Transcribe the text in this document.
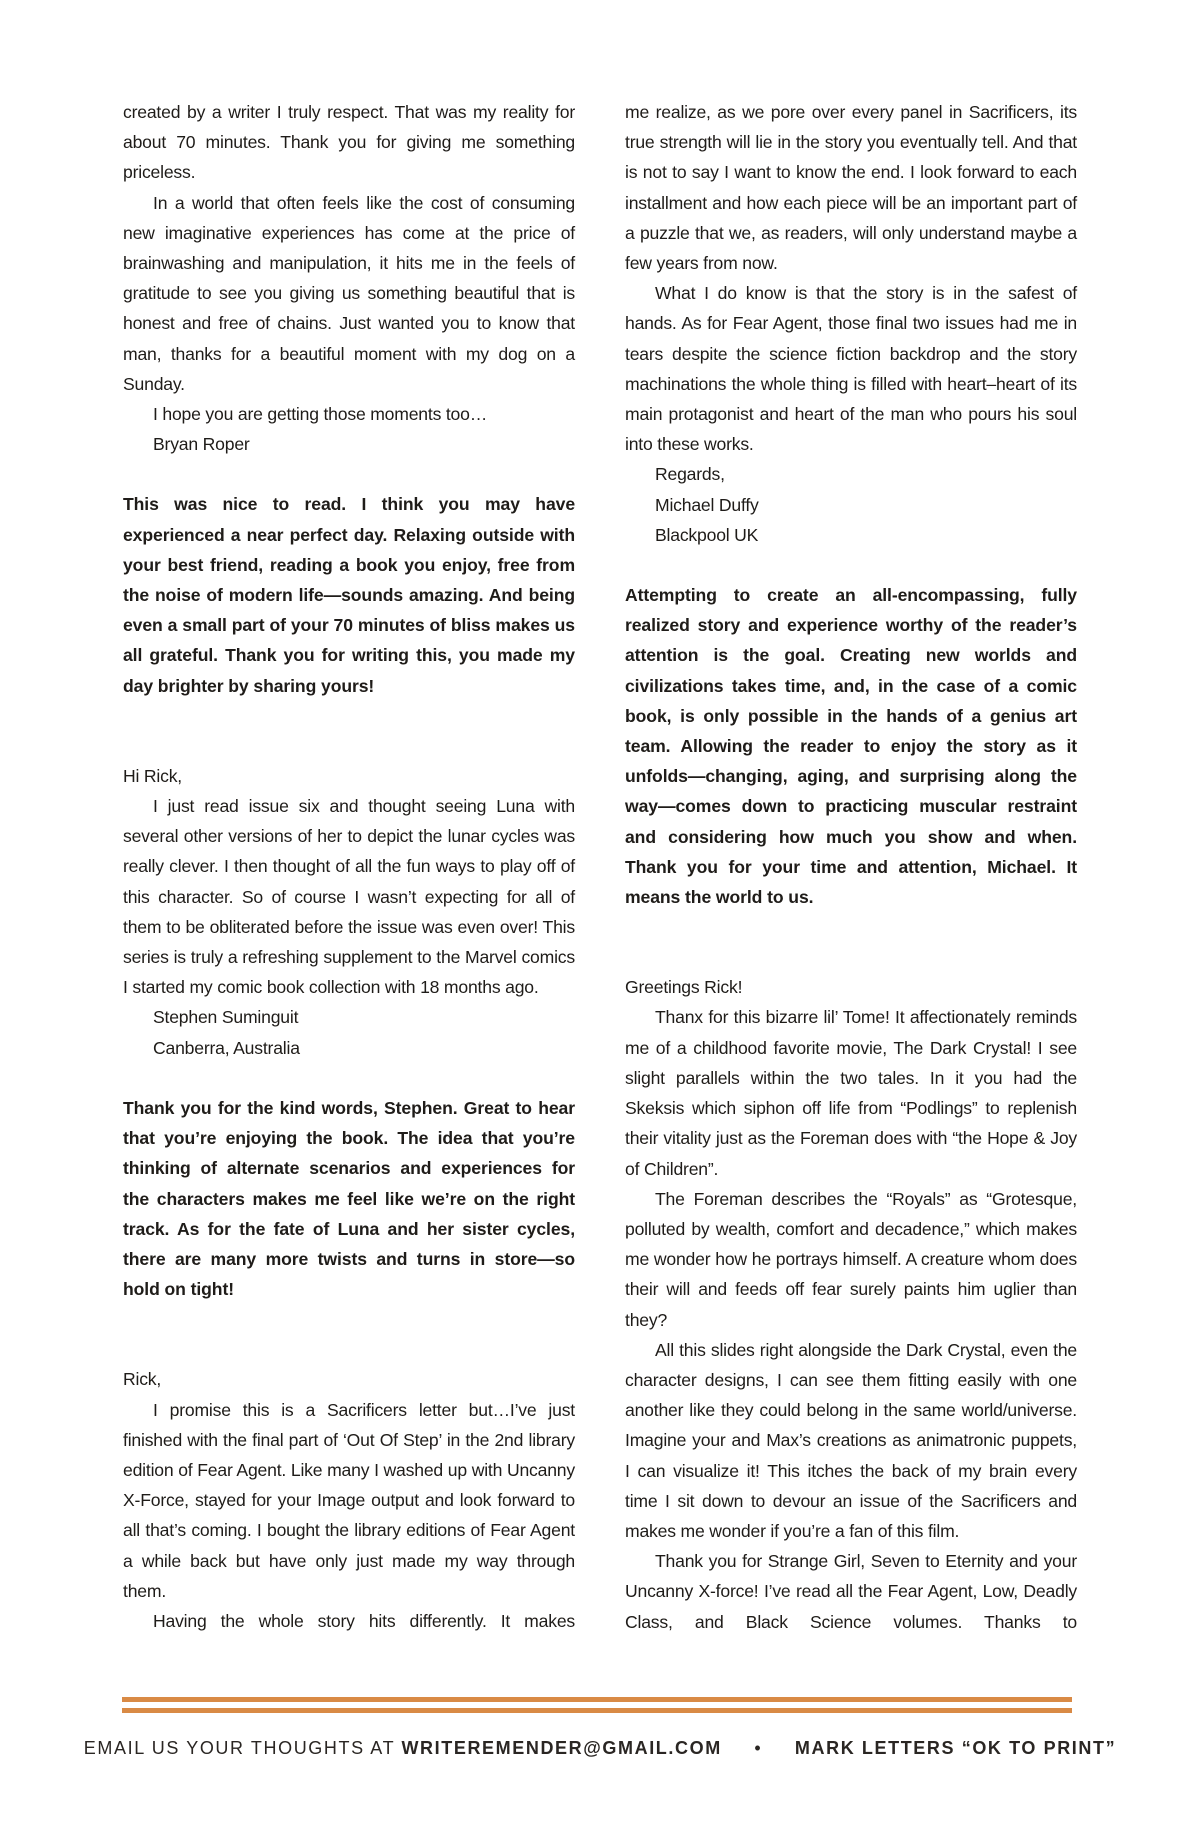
created by a writer I truly respect. That was my reality for about 70 minutes. Thank you for giving me something priceless.

In a world that often feels like the cost of consuming new imaginative experiences has come at the price of brainwashing and manipulation, it hits me in the feels of gratitude to see you giving us something beautiful that is honest and free of chains. Just wanted you to know that man, thanks for a beautiful moment with my dog on a Sunday.

I hope you are getting those moments too…

Bryan Roper

This was nice to read. I think you may have experienced a near perfect day. Relaxing outside with your best friend, reading a book you enjoy, free from the noise of modern life—sounds amazing. And being even a small part of your 70 minutes of bliss makes us all grateful. Thank you for writing this, you made my day brighter by sharing yours!

Hi Rick,

I just read issue six and thought seeing Luna with several other versions of her to depict the lunar cycles was really clever. I then thought of all the fun ways to play off of this character. So of course I wasn’t expecting for all of them to be obliterated before the issue was even over! This series is truly a refreshing supplement to the Marvel comics I started my comic book collection with 18 months ago.

Stephen Suminguit

Canberra, Australia

Thank you for the kind words, Stephen. Great to hear that you’re enjoying the book. The idea that you’re thinking of alternate scenarios and experiences for the characters makes me feel like we’re on the right track. As for the fate of Luna and her sister cycles, there are many more twists and turns in store—so hold on tight!

Rick,

I promise this is a Sacrificers letter but…I’ve just finished with the final part of ‘Out Of Step’ in the 2nd library edition of Fear Agent. Like many I washed up with Uncanny X-Force, stayed for your Image output and look forward to all that’s coming. I bought the library editions of Fear Agent a while back but have only just made my way through them.

Having the whole story hits differently. It makes

me realize, as we pore over every panel in Sacrificers, its true strength will lie in the story you eventually tell. And that is not to say I want to know the end. I look forward to each installment and how each piece will be an important part of a puzzle that we, as readers, will only understand maybe a few years from now.

What I do know is that the story is in the safest of hands. As for Fear Agent, those final two issues had me in tears despite the science fiction backdrop and the story machinations the whole thing is filled with heart–heart of its main protagonist and heart of the man who pours his soul into these works.

Regards,

Michael Duffy

Blackpool UK

Attempting to create an all-encompassing, fully realized story and experience worthy of the reader’s attention is the goal. Creating new worlds and civilizations takes time, and, in the case of a comic book, is only possible in the hands of a genius art team. Allowing the reader to enjoy the story as it unfolds—changing, aging, and surprising along the way—comes down to practicing muscular restraint and considering how much you show and when. Thank you for your time and attention, Michael. It means the world to us.

Greetings Rick!

Thanx for this bizarre lil’ Tome! It affectionately reminds me of a childhood favorite movie, The Dark Crystal! I see slight parallels within the two tales. In it you had the Skeksis which siphon off life from “Podlings” to replenish their vitality just as the Foreman does with “the Hope & Joy of Children”.

The Foreman describes the “Royals” as “Grotesque, polluted by wealth, comfort and decadence,” which makes me wonder how he portrays himself. A creature whom does their will and feeds off fear surely paints him uglier than they?

All this slides right alongside the Dark Crystal, even the character designs, I can see them fitting easily with one another like they could belong in the same world/universe. Imagine your and Max’s creations as animatronic puppets, I can visualize it! This itches the back of my brain every time I sit down to devour an issue of the Sacrificers and makes me wonder if you’re a fan of this film.

Thank you for Strange Girl, Seven to Eternity and your Uncanny X-force! I’ve read all the Fear Agent, Low, Deadly Class, and Black Science volumes. Thanks to

EMAIL US YOUR THOUGHTS AT WRITEREMENDER@GMAIL.COM • MARK LETTERS “OK TO PRINT”
